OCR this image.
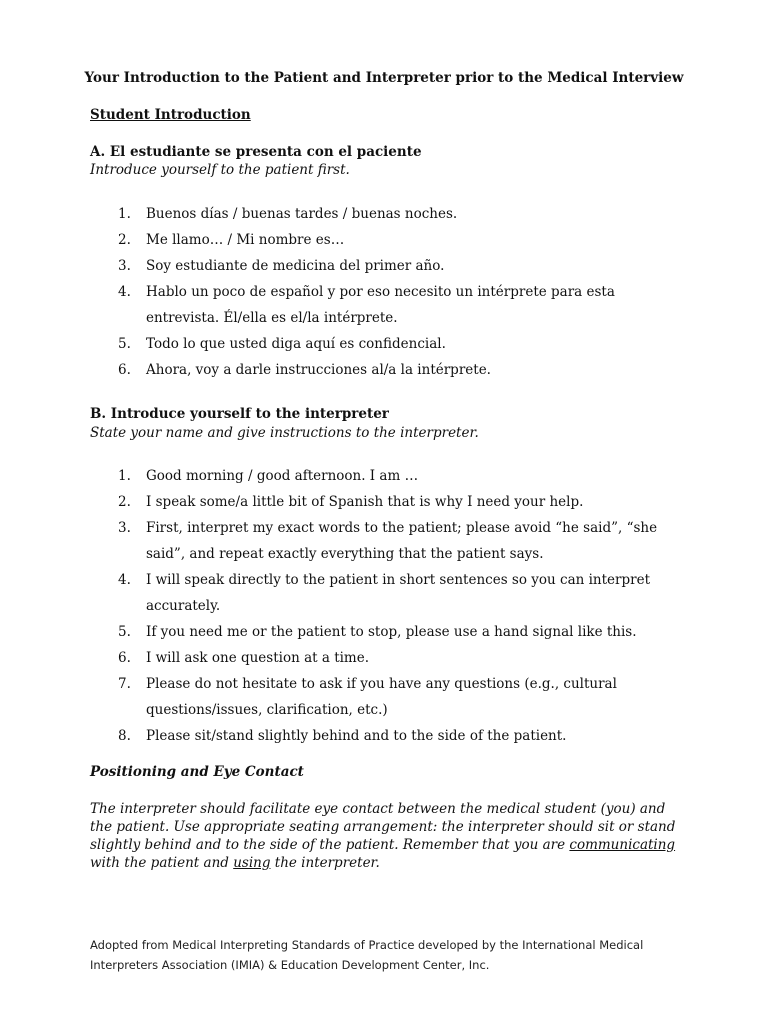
Your Introduction to the Patient and Interpreter prior to the Medical Interview
Student Introduction
A. El estudiante se presenta con el paciente
Introduce yourself to the patient first.
1. Buenos días / buenas tardes / buenas noches.
2. Me llamo… / Mi nombre es…
3. Soy estudiante de medicina del primer año.
4. Hablo un poco de español y por eso necesito un intérprete para esta entrevista. Él/ella es el/la intérprete.
5. Todo lo que usted diga aquí es confidencial.
6. Ahora, voy a darle instrucciones al/a la intérprete.
B. Introduce yourself to the interpreter
State your name and give instructions to the interpreter.
1. Good morning / good afternoon. I am …
2. I speak some/a little bit of Spanish that is why I need your help.
3. First, interpret my exact words to the patient; please avoid “he said”, “she said”, and repeat exactly everything that the patient says.
4. I will speak directly to the patient in short sentences so you can interpret accurately.
5. If you need me or the patient to stop, please use a hand signal like this.
6. I will ask one question at a time.
7. Please do not hesitate to ask if you have any questions (e.g., cultural questions/issues, clarification, etc.)
8. Please sit/stand slightly behind and to the side of the patient.
Positioning and Eye Contact
The interpreter should facilitate eye contact between the medical student (you) and the patient. Use appropriate seating arrangement: the interpreter should sit or stand slightly behind and to the side of the patient. Remember that you are communicating with the patient and using the interpreter.
Adopted from Medical Interpreting Standards of Practice developed by the International Medical Interpreters Association (IMIA) & Education Development Center, Inc.
